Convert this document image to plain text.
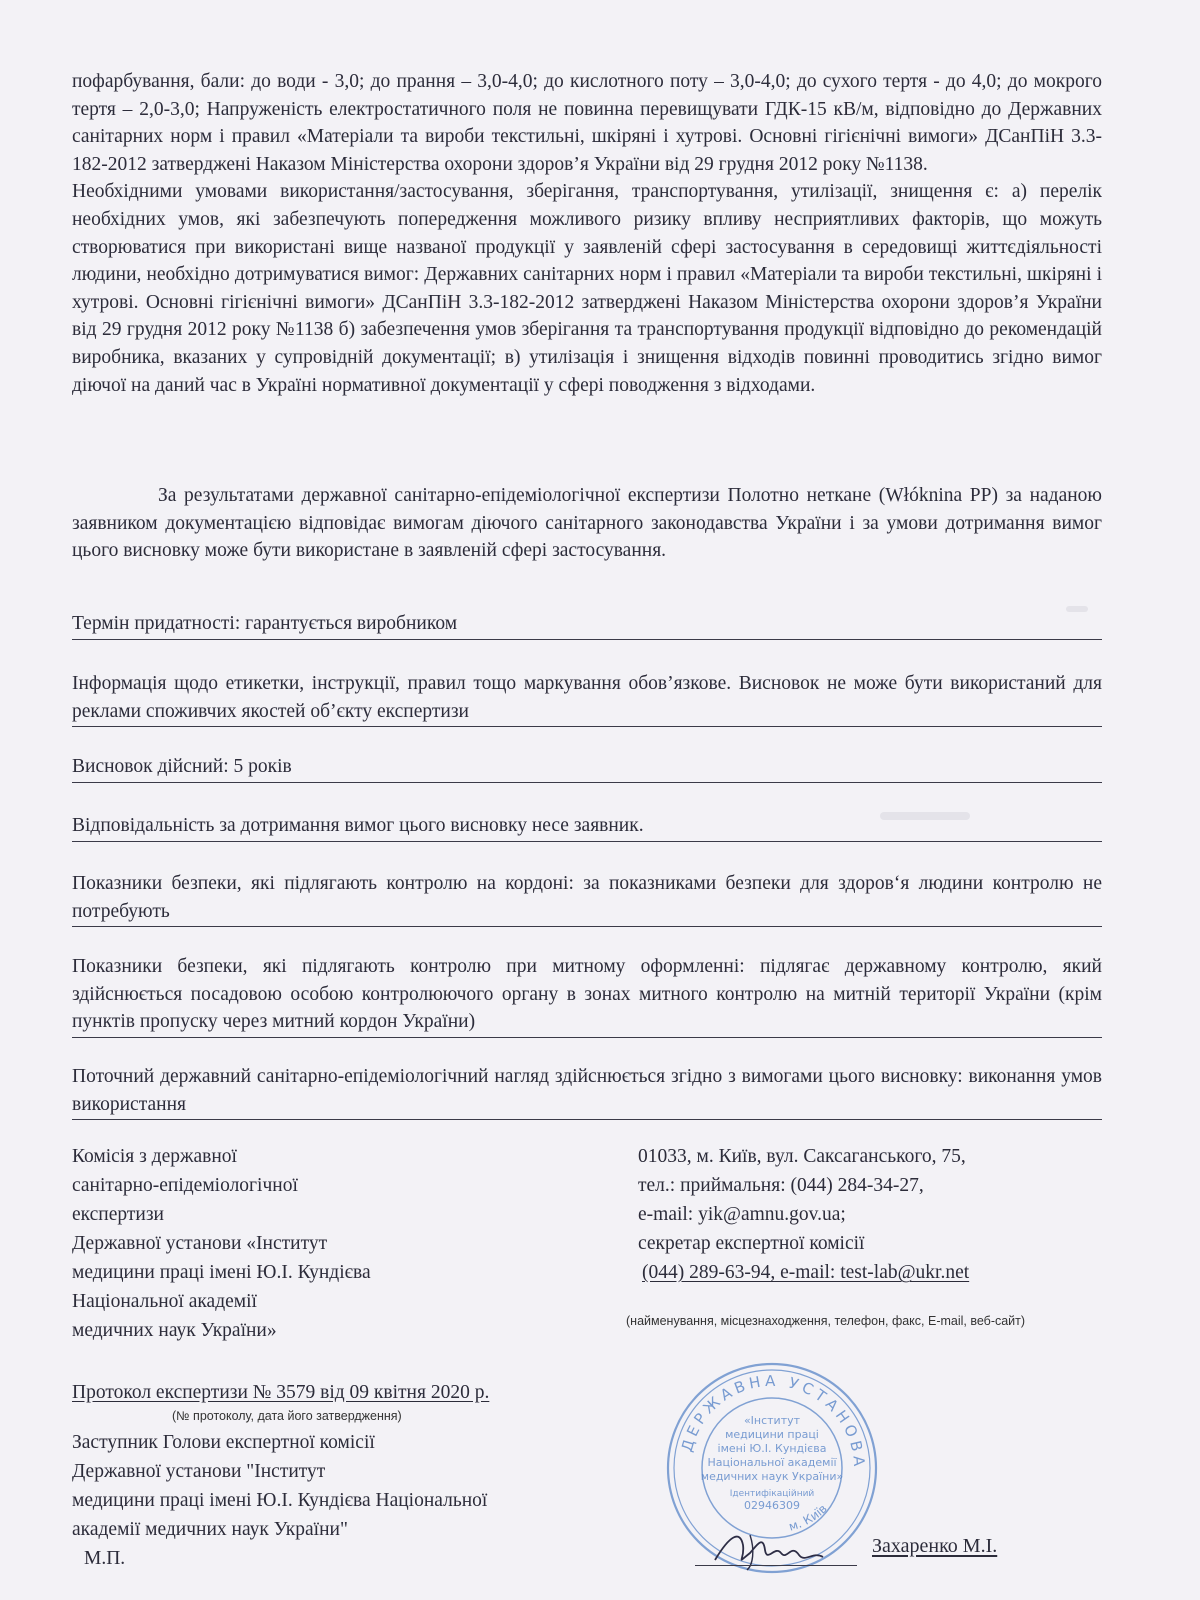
пофарбування, бали: до води - 3,0; до прання – 3,0-4,0; до кислотного поту – 3,0-4,0; до сухого тертя - до 4,0; до мокрого тертя – 2,0-3,0; Напруженість електростатичного поля не повинна перевищувати ГДК-15 кВ/м, відповідно до Державних санітарних норм і правил «Матеріали та вироби текстильні, шкіряні і хутрові. Основні гігієнічні вимоги» ДСанПіН 3.3-182-2012 затверджені Наказом Міністерства охорони здоров’я України від 29 грудня 2012 року №1138.

Необхідними умовами використання/застосування, зберігання, транспортування, утилізації, знищення є: а) перелік необхідних умов, які забезпечують попередження можливого ризику впливу несприятливих факторів, що можуть створюватися при використані вище названої продукції у заявленій сфері застосування в середовищі життєдіяльності людини, необхідно дотримуватися вимог: Державних санітарних норм і правил «Матеріали та вироби текстильні, шкіряні і хутрові. Основні гігієнічні вимоги» ДСанПіН 3.3-182-2012 затверджені Наказом Міністерства охорони здоров’я України від 29 грудня 2012 року №1138 б) забезпечення умов зберігання та транспортування продукції відповідно до рекомендацій виробника, вказаних у супровідній документації; в) утилізація і знищення відходів повинні проводитись згідно вимог діючої на даний час в Україні нормативної документації у сфері поводження з відходами.

За результатами державної санітарно-епідеміологічної експертизи Полотно неткане (Włóknina PP) за наданою заявником документацією відповідає вимогам діючого санітарного законодавства України і за умови дотримання вимог цього висновку може бути використане в заявленій сфері застосування.

Термін придатності: гарантується виробником
Інформація щодо етикетки, інструкції, правил тощо маркування обов’язкове. Висновок не може бути використаний для реклами споживчих якостей об’єкту експертизи
Висновок дійсний: 5 років
Відповідальність за дотримання вимог цього висновку несе заявник.
Показники безпеки, які підлягають контролю на кордоні: за показниками безпеки для здоров‘я людини контролю не потребують
Показники безпеки, які підлягають контролю при митному оформленні: підлягає державному контролю, який здійснюється посадовою особою контролюючого органу в зонах митного контролю на митній території України (крім пунктів пропуску через митний кордон України)
Поточний державний санітарно-епідеміологічний нагляд здійснюється згідно з вимогами цього висновку: виконання умов використання
Комісія з державної
санітарно-епідеміологічної
експертизи
Державної установи «Інститут
медицини праці імені Ю.І. Кундієва
Національної академії
медичних наук України»
01033, м. Київ, вул. Саксаганського, 75,
тел.: приймальня: (044) 284-34-27,
e-mail: yik@amnu.gov.ua;
секретар експертної комісії
(044) 289-63-94, e-mail: test-lab@ukr.net
(найменування, місцезнаходження, телефон, факс, E-mail, веб-сайт)
Протокол експертизи № 3579 від 09 квітня 2020 р.
(№ протоколу, дата його затвердження)
Заступник Голови експертної комісії
Державної установи "Інститут
медицини праці імені Ю.І. Кундієва Національної
академії медичних наук України"
М.П.
ДЕРЖАВНА УСТАНОВА
м. Київ
«Інститут
медицини праці
імені Ю.І. Кундієва
Національної академії
медичних наук України»
Ідентифікаційний
02946309
Захаренко М.І.
